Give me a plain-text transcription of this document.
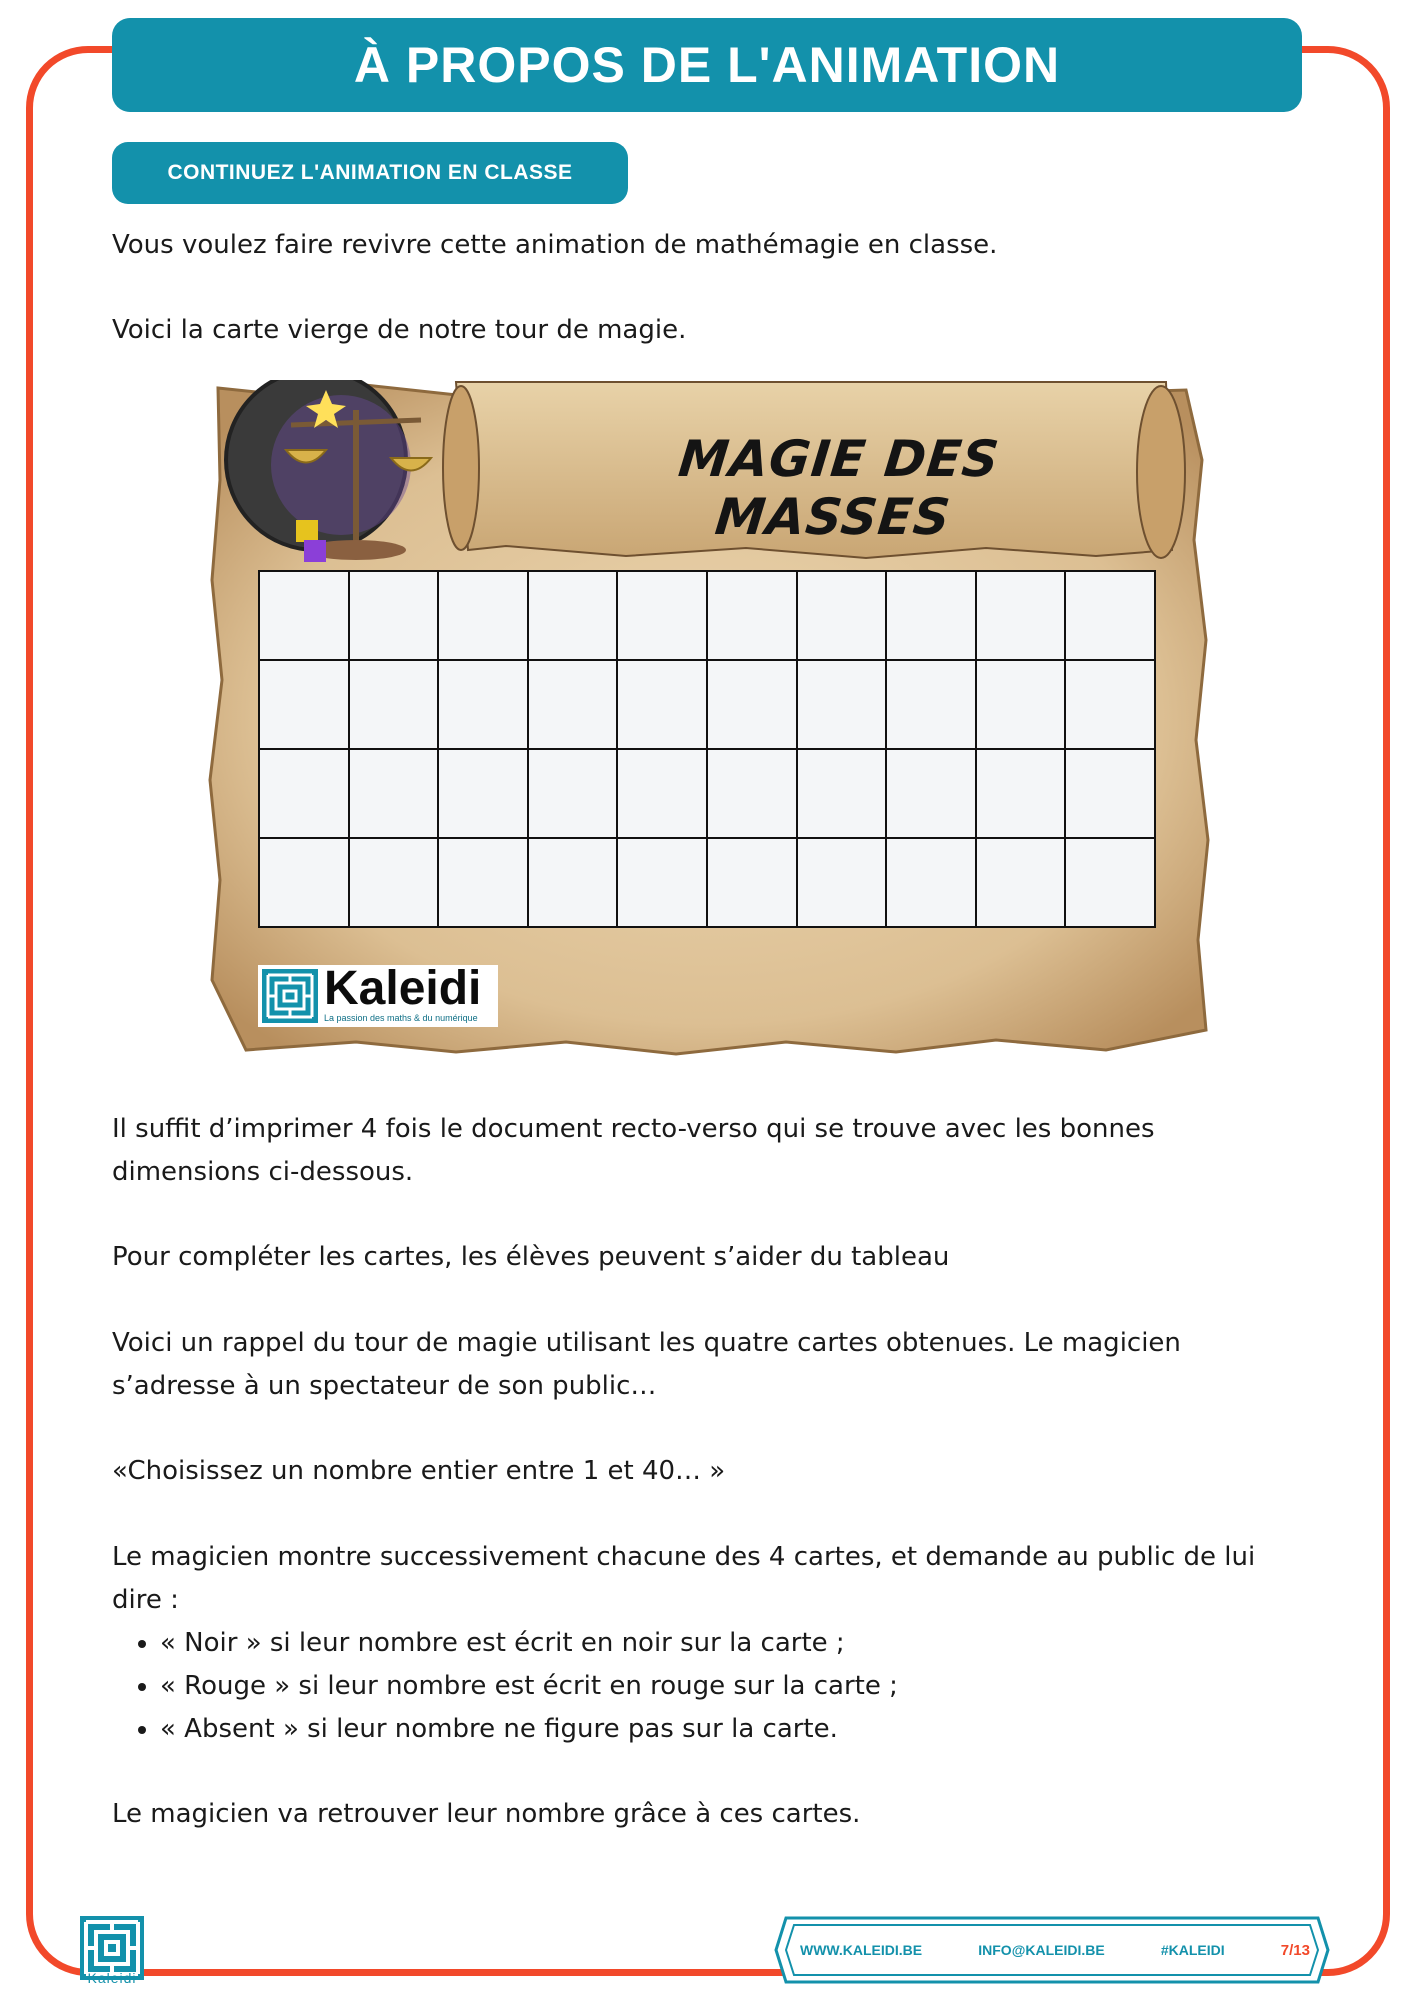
À PROPOS DE L'ANIMATION
CONTINUEZ L'ANIMATION EN CLASSE

Vous voulez faire revivre cette animation de mathémagie en classe.

Voici la carte vierge de notre tour de magie.

MAGIE DES MASSES

Kaleidi
La passion des maths & du numérique

Il suffit d’imprimer 4 fois le document recto-verso qui se trouve avec les bonnes dimensions ci-dessous.

Pour compléter les cartes, les élèves peuvent s’aider du tableau

Voici un rappel du tour de magie utilisant les quatre cartes obtenues. Le magicien s’adresse à un spectateur de son public…

«Choisissez un nombre entier entre 1 et 40… »

Le magicien montre successivement chacune des 4 cartes, et demande au public de lui dire :

• « Noir » si leur nombre est écrit en noir sur la carte ;
• « Rouge » si leur nombre est écrit en rouge sur la carte ;
• « Absent » si leur nombre ne figure pas sur la carte.

Le magicien va retrouver leur nombre grâce à ces cartes.

Kaleidi
WWW.KALEIDI.BE	INFO@KALEIDI.BE	#KALEIDI	7/13
